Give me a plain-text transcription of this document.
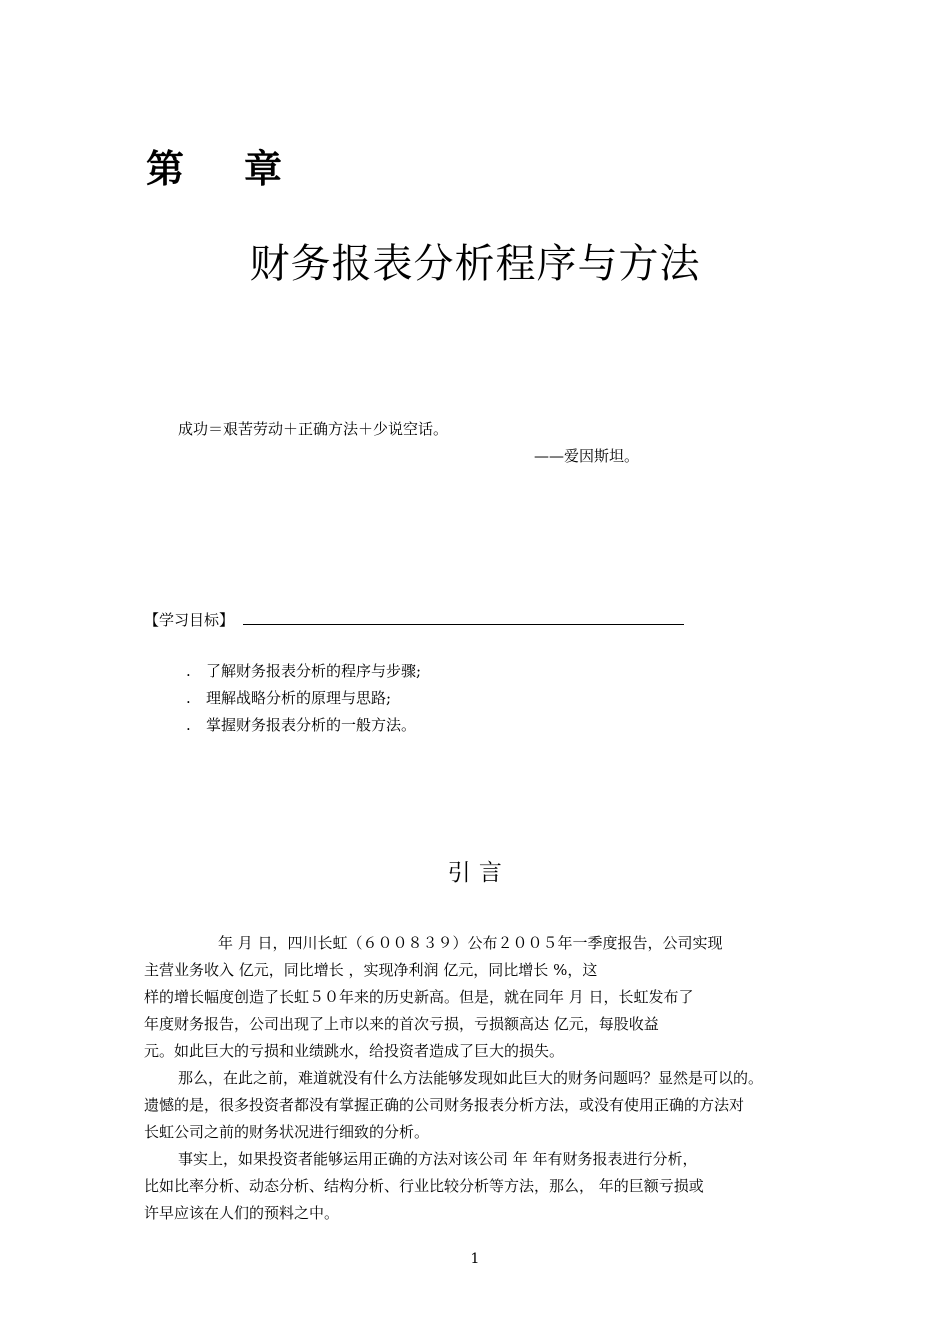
第 章
财务报表分析程序与方法
成功＝艰苦劳动＋正确方法＋少说空话。
——爱因斯坦。
【学习目标】
. 了解财务报表分析的程序与步骤;
. 理解战略分析的原理与思路;
. 掌握财务报表分析的一般方法。
引 言
年 月 日，四川长虹（６００８３９）公布２００５年一季度报告，公司实现
主营业务收入 亿元，同比增长 ，实现净利润 亿元，同比增长 %，这
样的增长幅度创造了长虹５０年来的历史新高。但是，就在同年 月 日，长虹发布了
年度财务报告，公司出现了上市以来的首次亏损，亏损额高达 亿元，每股收益
元。如此巨大的亏损和业绩跳水，给投资者造成了巨大的损失。
那么，在此之前，难道就没有什么方法能够发现如此巨大的财务问题吗？显然是可以的。
遗憾的是，很多投资者都没有掌握正确的公司财务报表分析方法，或没有使用正确的方法对
长虹公司之前的财务状况进行细致的分析。
事实上，如果投资者能够运用正确的方法对该公司 年 年有财务报表进行分析，
比如比率分析、动态分析、结构分析、行业比较分析等方法，那么， 年的巨额亏损或
许早应该在人们的预料之中。
1
